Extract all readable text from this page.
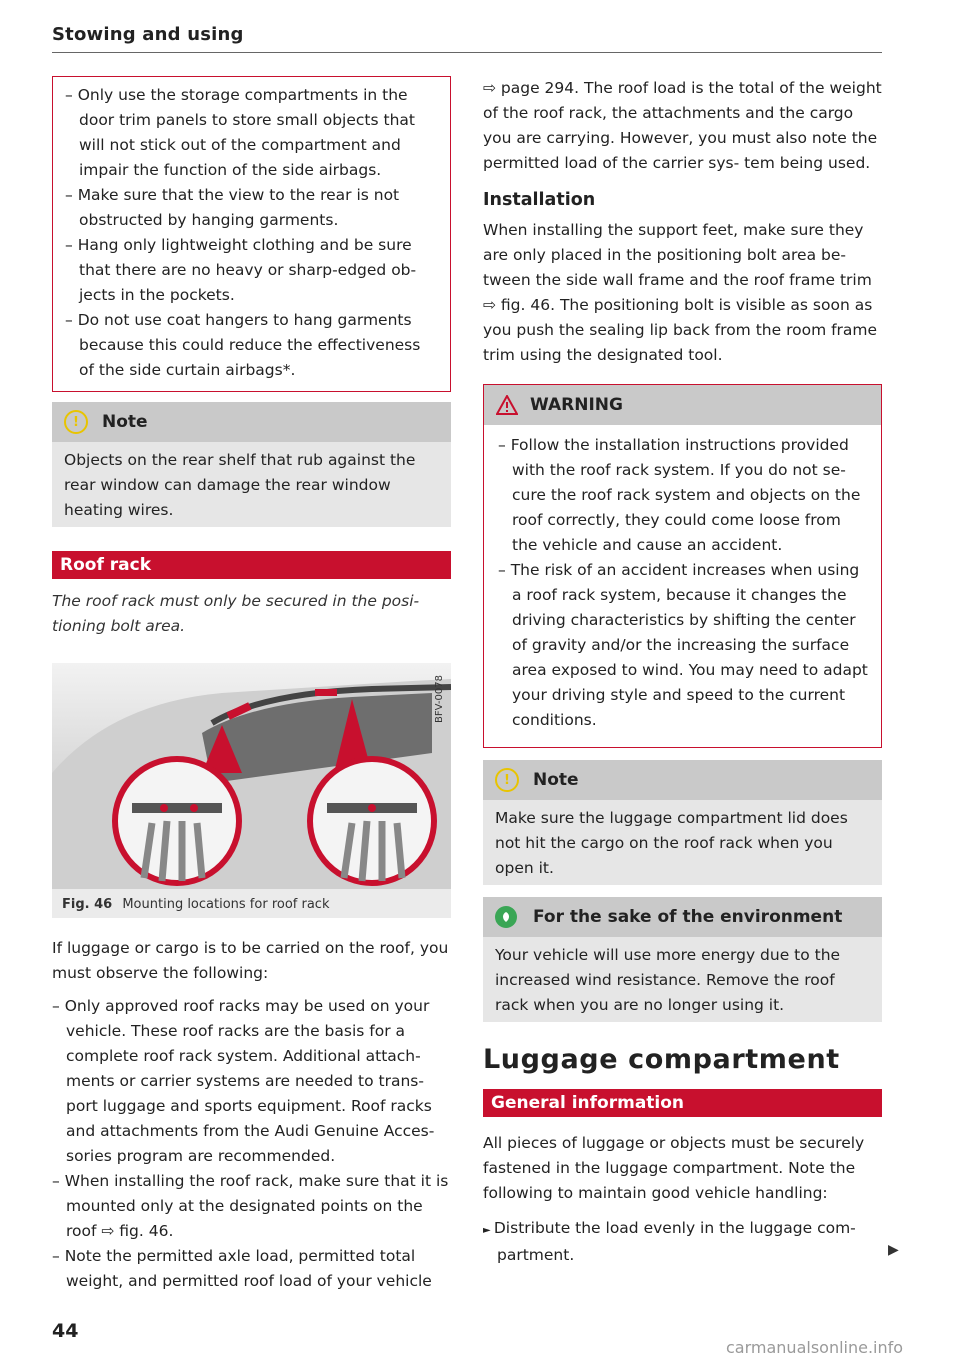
Stowing and using
– Only use the storage compartments in the door trim panels to store small objects that will not stick out of the compartment and impair the function of the side airbags.
– Make sure that the view to the rear is not obstructed by hanging garments.
– Hang only lightweight clothing and be sure that there are no heavy or sharp-edged ob- jects in the pockets.
– Do not use coat hangers to hang garments because this could reduce the effectiveness of the side curtain airbags*.
!	Note
Objects on the rear shelf that rub against the rear window can damage the rear window heating wires.
Roof rack

The roof rack must only be secured in the posi- tioning bolt area.

BFV-0078
Fig. 46 Mounting locations for roof rack

If luggage or cargo is to be carried on the roof, you must observe the following:

– Only approved roof racks may be used on your vehicle. These roof racks are the basis for a complete roof rack system. Additional attach- ments or carrier systems are needed to trans- port luggage and sports equipment. Roof racks and attachments from the Audi Genuine Acces- sories program are recommended.
– When installing the roof rack, make sure that it is mounted only at the designated points on the roof ⇨ fig. 46.
– Note the permitted axle load, permitted total weight, and permitted roof load of your vehicle

⇨ page 294. The roof load is the total of the weight of the roof rack, the attachments and the cargo you are carrying. However, you must also note the permitted load of the carrier sys- tem being used.

Installation

When installing the support feet, make sure they are only placed in the positioning bolt area be- tween the side wall frame and the roof frame trim ⇨ fig. 46. The positioning bolt is visible as soon as you push the sealing lip back from the room frame trim using the designated tool.

WARNING
– Follow the installation instructions provided with the roof rack system. If you do not se- cure the roof rack system and objects on the roof correctly, they could come loose from the vehicle and cause an accident.
– The risk of an accident increases when using a roof rack system, because it changes the driving characteristics by shifting the center of gravity and/or the increasing the surface area exposed to wind. You may need to adapt your driving style and speed to the current conditions.
!	Note
Make sure the luggage compartment lid does not hit the cargo on the roof rack when you open it.
For the sake of the environment
Your vehicle will use more energy due to the increased wind resistance. Remove the roof rack when you are no longer using it.
Luggage compartment
General information

All pieces of luggage or objects must be securely fastened in the luggage compartment. Note the following to maintain good vehicle handling:

► Distribute the load evenly in the luggage com- partment.	▶
44
carmanualsonline.info
